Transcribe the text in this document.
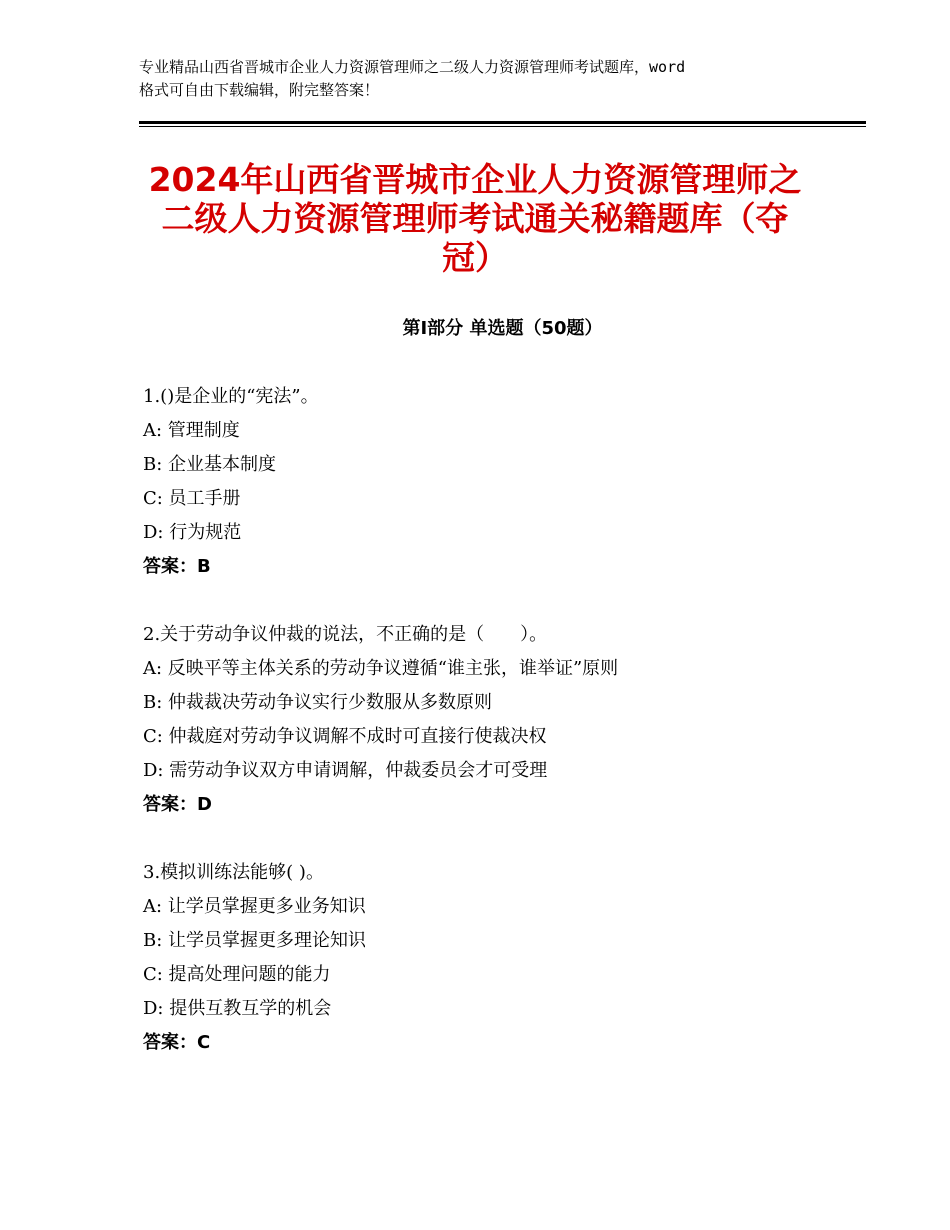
专业精品山西省晋城市企业人力资源管理师之二级人力资源管理师考试题库，word
格式可自由下载编辑，附完整答案！
2024年山西省晋城市企业人力资源管理师之
二级人力资源管理师考试通关秘籍题库（夺
冠）
第Ⅰ部分 单选题（50题）
1.()是企业的“宪法”。
A: 管理制度
B: 企业基本制度
C: 员工手册
D: 行为规范
答案：B
2.关于劳动争议仲裁的说法，不正确的是（　　）。
A: 反映平等主体关系的劳动争议遵循“谁主张，谁举证”原则
B: 仲裁裁决劳动争议实行少数服从多数原则
C: 仲裁庭对劳动争议调解不成时可直接行使裁决权
D: 需劳动争议双方申请调解，仲裁委员会才可受理
答案：D
3.模拟训练法能够( )。
A: 让学员掌握更多业务知识
B: 让学员掌握更多理论知识
C: 提高处理问题的能力
D: 提供互教互学的机会
答案：C
